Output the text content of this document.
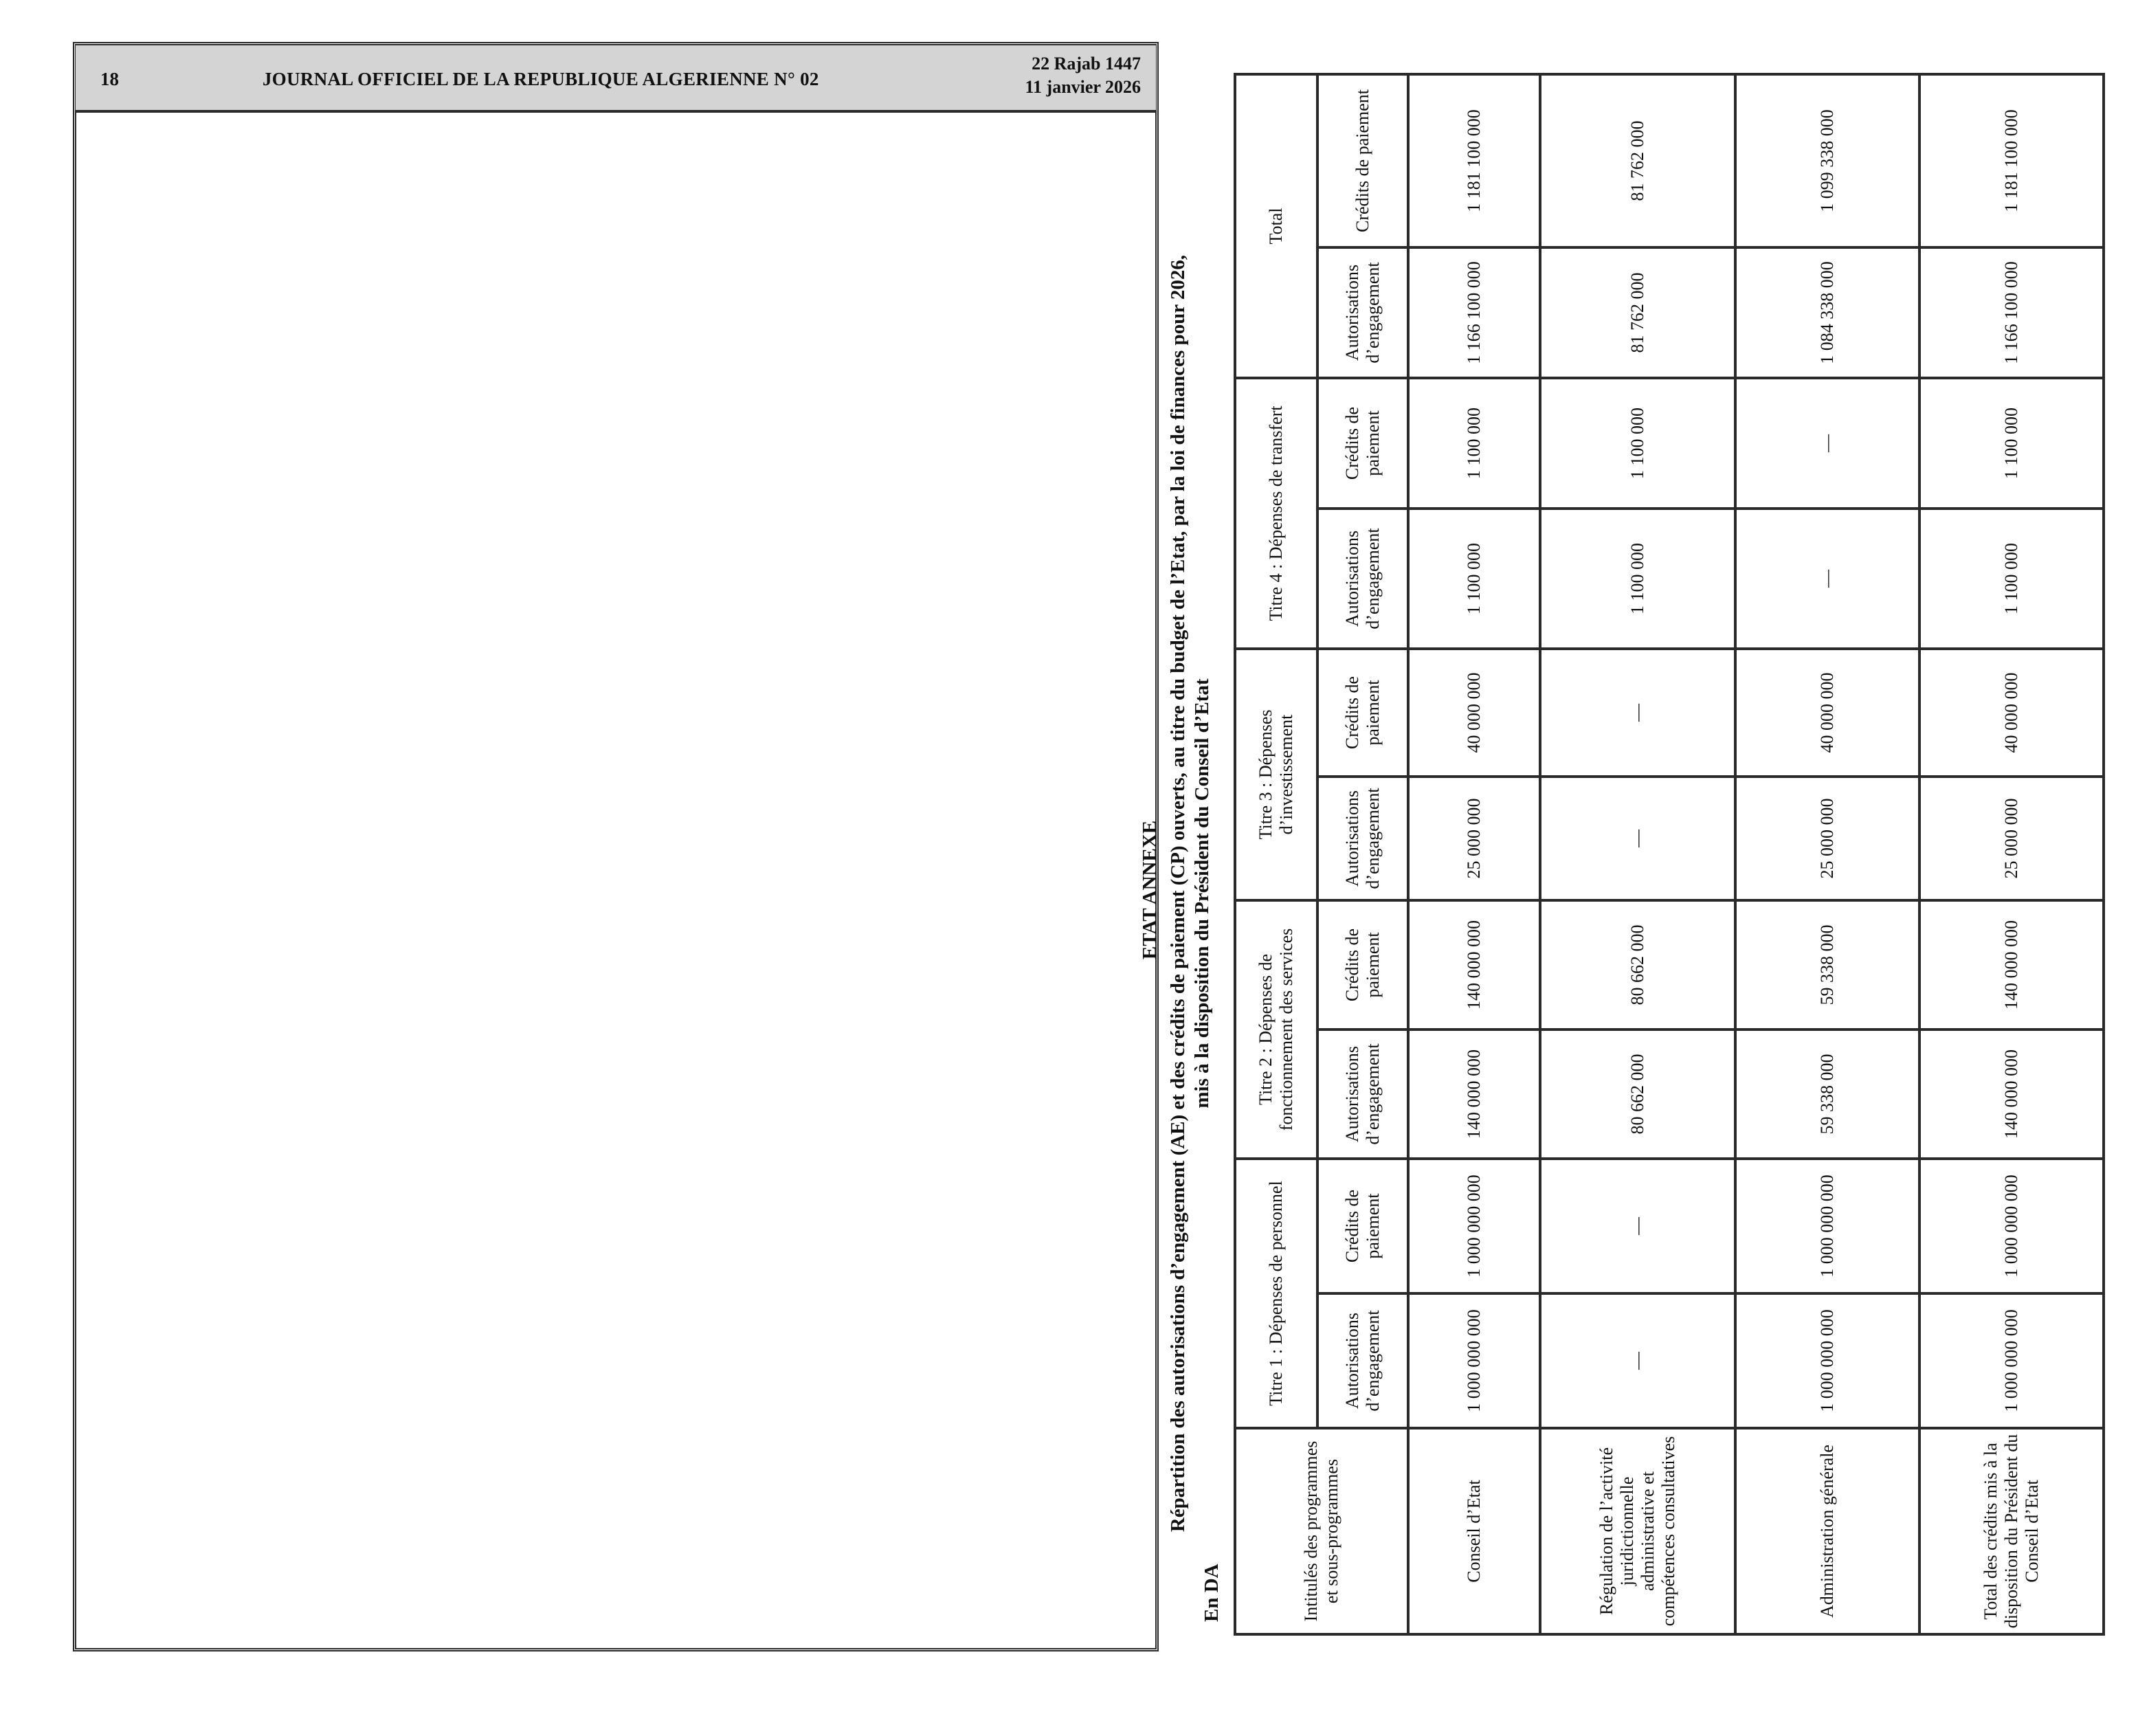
18	JOURNAL OFFICIEL DE LA REPUBLIQUE ALGERIENNE N° 02
22 Rajab 1447
11 janvier 2026
ETAT ANNEXE Répartition des autorisations d’engagement (AE) et des crédits de paiement (CP) ouverts, au titre du budget de l’Etat, par la loi de finances pour 2026, mis à la disposition du Président du Conseil d’Etat
En DA	Intitulés des programmes et sous-programmes	Titre 1 : Dépenses de personnel		Titre 2 : Dépenses de fonctionnement des services		Titre 3 : Dépenses d’investissement		Titre 4 : Dépenses de transfert		Total	
	Autorisations d’engagement	Crédits de paiement	Autorisations d’engagement	Crédits de paiement	Autorisations d’engagement	Crédits de paiement	Autorisations d’engagement	Crédits de paiement	Autorisations d’engagement	Crédits de paiement
Conseil d’Etat	1 000 000 000	1 000 000 000	140 000 000	140 000 000	25 000 000	40 000 000	1 100 000	1 100 000	1 166 100 000	1 181 100 000
Régulation de l’activité juridictionnelle administrative et compétences consultatives	—	—	80 662 000	80 662 000	—	—	1 100 000	1 100 000	81 762 000	81 762 000
Administration générale	1 000 000 000	1 000 000 000	59 338 000	59 338 000	25 000 000	40 000 000	—	—	1 084 338 000	1 099 338 000
Total des crédits mis à la disposition du Président du Conseil d’Etat	1 000 000 000	1 000 000 000	140 000 000	140 000 000	25 000 000	40 000 000	1 100 000	1 100 000	1 166 100 000	1 181 100 000
